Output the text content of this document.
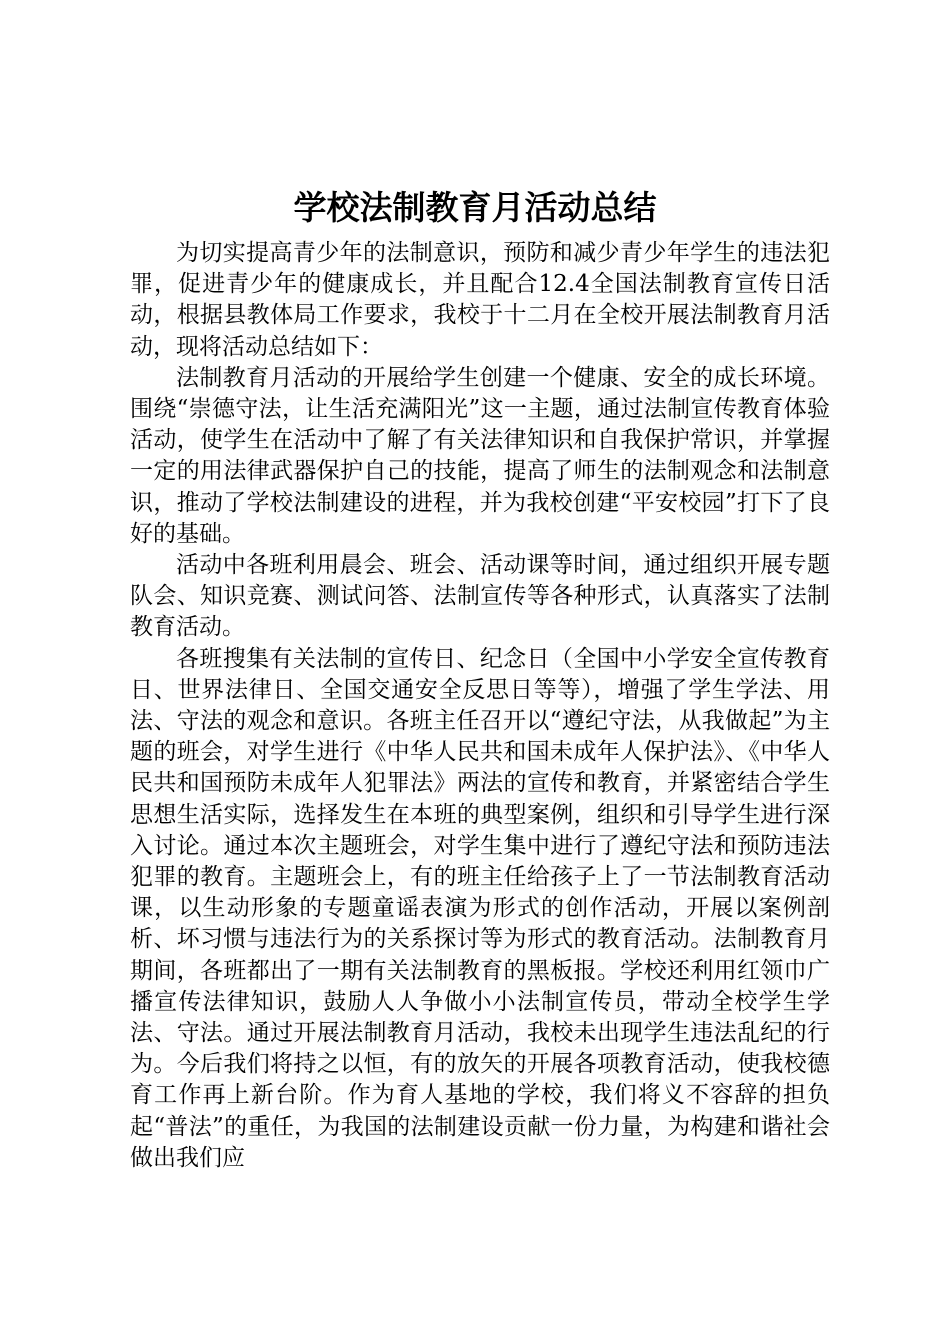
学校法制教育月活动总结

为切实提高青少年的法制意识，预防和减少青少年学生的违法犯罪，促进青少年的健康成长，并且配合12.4全国法制教育宣传日活动，根据县教体局工作要求，我校于十二月在全校开展法制教育月活动，现将活动总结如下：

法制教育月活动的开展给学生创建一个健康、安全的成长环境。围绕“崇德守法，让生活充满阳光”这一主题，通过法制宣传教育体验活动，使学生在活动中了解了有关法律知识和自我保护常识，并掌握一定的用法律武器保护自己的技能，提高了师生的法制观念和法制意识，推动了学校法制建设的进程，并为我校创建“平安校园”打下了良好的基础。

活动中各班利用晨会、班会、活动课等时间，通过组织开展专题队会、知识竞赛、测试问答、法制宣传等各种形式，认真落实了法制教育活动。

各班搜集有关法制的宣传日、纪念日（全国中小学安全宣传教育日、世界法律日、全国交通安全反思日等等），增强了学生学法、用法、守法的观念和意识。各班主任召开以“遵纪守法，从我做起”为主题的班会，对学生进行《中华人民共和国未成年人保护法》、《中华人民共和国预防未成年人犯罪法》两法的宣传和教育，并紧密结合学生思想生活实际，选择发生在本班的典型案例，组织和引导学生进行深入讨论。通过本次主题班会，对学生集中进行了遵纪守法和预防违法犯罪的教育。主题班会上，有的班主任给孩子上了一节法制教育活动课，以生动形象的专题童谣表演为形式的创作活动，开展以案例剖析、坏习惯与违法行为的关系探讨等为形式的教育活动。法制教育月期间，各班都出了一期有关法制教育的黑板报。学校还利用红领巾广播宣传法律知识，鼓励人人争做小小法制宣传员，带动全校学生学法、守法。通过开展法制教育月活动，我校未出现学生违法乱纪的行为。今后我们将持之以恒，有的放矢的开展各项教育活动，使我校德育工作再上新台阶。作为育人基地的学校，我们将义不容辞的担负起“普法”的重任，为我国的法制建设贡献一份力量，为构建和谐社会做出我们应
